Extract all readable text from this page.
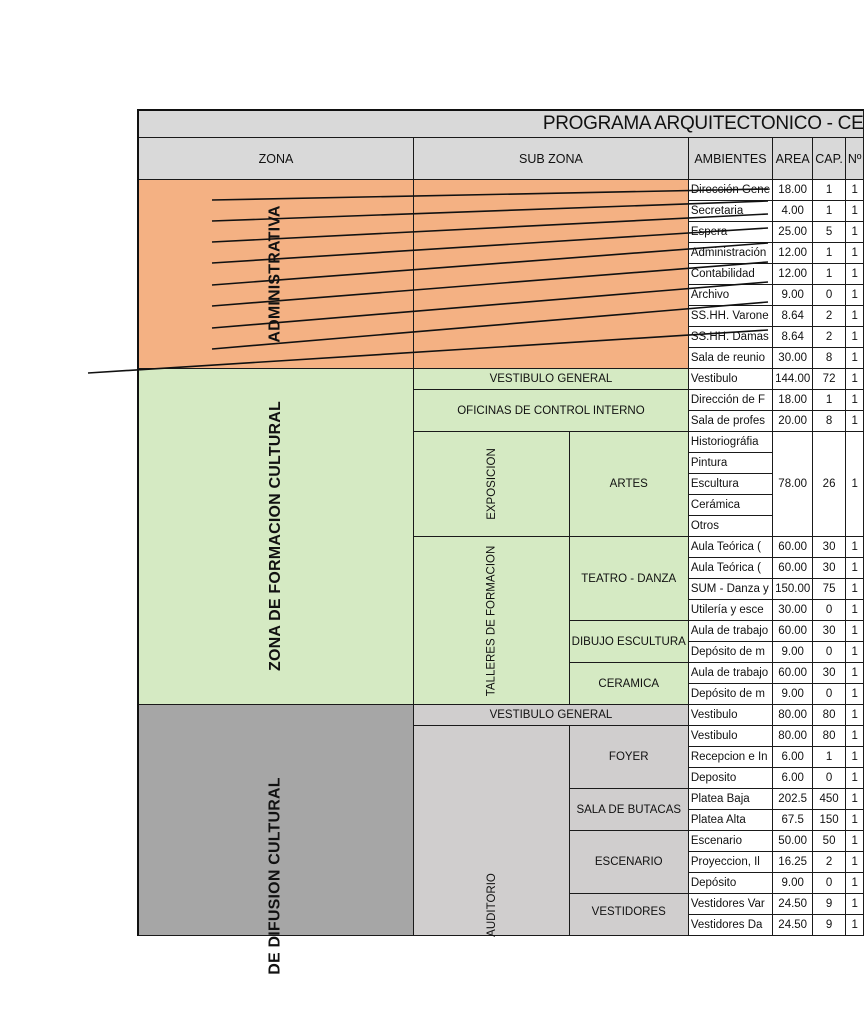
PROGRAMA ARQUITECTONICO - CE						
ZONA	SUB ZONA		AMBIENTES	AREA	CAP.	Nº
ADMINISTRATIVA			Dirección Gene	18.00	1	1
			Secretaria	4.00	1	1
			Espera	25.00	5	1
			Administración	12.00	1	1
			Contabilidad	12.00	1	1
			Archivo	9.00	0	1
			SS.HH. Varone	8.64	2	1
			SS.HH. Damas	8.64	2	1
			Sala de reunio	30.00	8	1
ZONA DE FORMACION CULTURAL	VESTIBULO GENERAL		Vestibulo	144.00	72	1
	OFICINAS DE CONTROL INTERNO		Dirección de F	18.00	1	1
			Sala de profes	20.00	8	1
	EXPOSICION	ARTES	Historiográfia	78.00	26	1
			Pintura			
			Escultura			
			Cerámica			
			Otros			
	TALLERES DE FORMACION	TEATRO - DANZA	Aula Teórica (	60.00	30	1
			Aula Teórica (	60.00	30	1
			SUM - Danza y	150.00	75	1
			Utilería y esce	30.00	0	1
		DIBUJO ESCULTURA	Aula de trabajo	60.00	30	1
			Depósito de m	9.00	0	1
		CERAMICA	Aula de trabajo	60.00	30	1
			Depósito de m	9.00	0	1
DE DIFUSION CULTURAL	VESTIBULO GENERAL		Vestibulo	80.00	80	1
	AUDITORIO	FOYER	Vestibulo	80.00	80	1
			Recepcion e In	6.00	1	1
			Deposito	6.00	0	1
		SALA DE BUTACAS	Platea Baja	202.5	450	1
			Platea Alta	67.5	150	1
		ESCENARIO	Escenario	50.00	50	1
			Proyeccion, Il	16.25	2	1
			Depósito	9.00	0	1
		VESTIDORES	Vestidores Var	24.50	9	1
			Vestidores Da	24.50	9	1
